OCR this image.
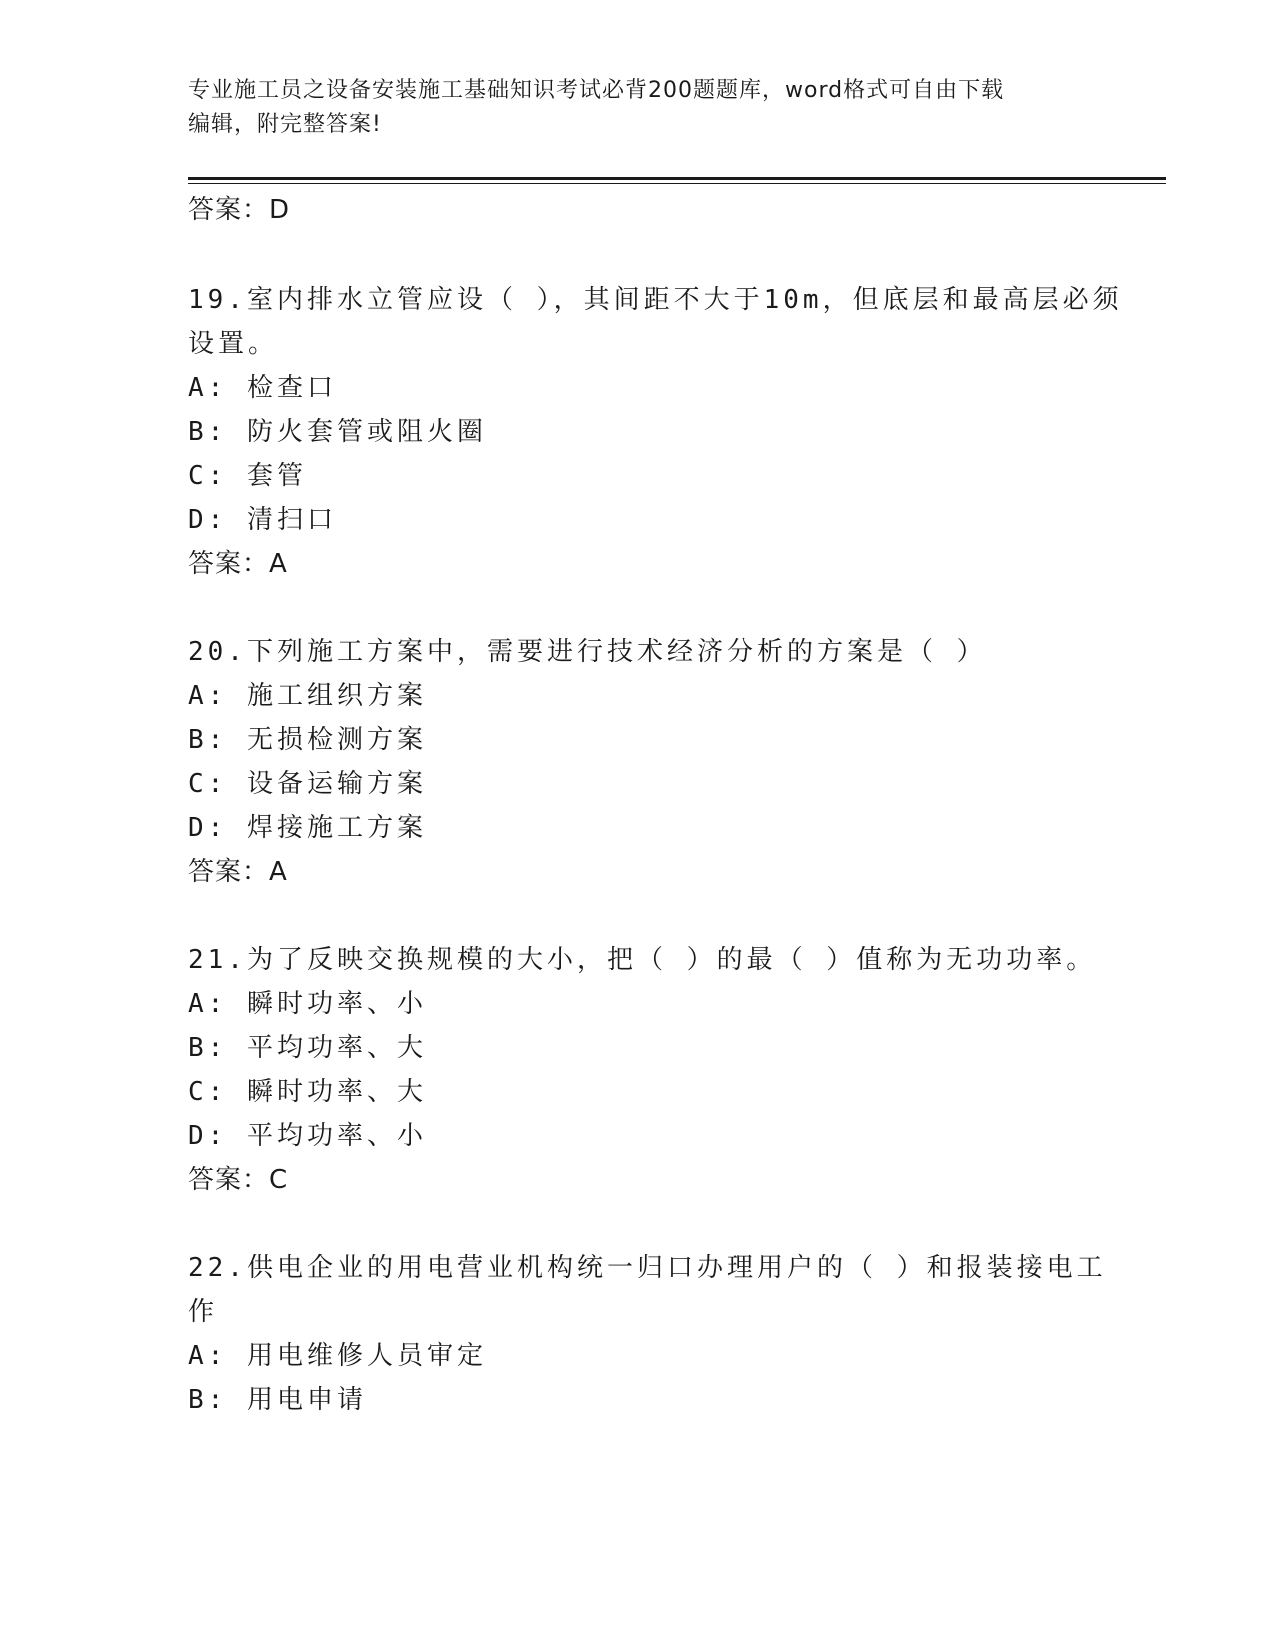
专业施工员之设备安装施工基础知识考试必背200题题库，word格式可自由下载
编辑，附完整答案!
答案：D
19.室内排水立管应设（ ），其间距不大于10m，但底层和最高层必须
设置。
A: 检查口
B: 防火套管或阻火圈
C: 套管
D: 清扫口
答案：A
20.下列施工方案中，需要进行技术经济分析的方案是（ ）
A: 施工组织方案
B: 无损检测方案
C: 设备运输方案
D: 焊接施工方案
答案：A
21.为了反映交换规模的大小，把（ ）的最（ ）值称为无功功率。
A: 瞬时功率、小
B: 平均功率、大
C: 瞬时功率、大
D: 平均功率、小
答案：C
22.供电企业的用电营业机构统一归口办理用户的（ ）和报装接电工
作
A: 用电维修人员审定
B: 用电申请
